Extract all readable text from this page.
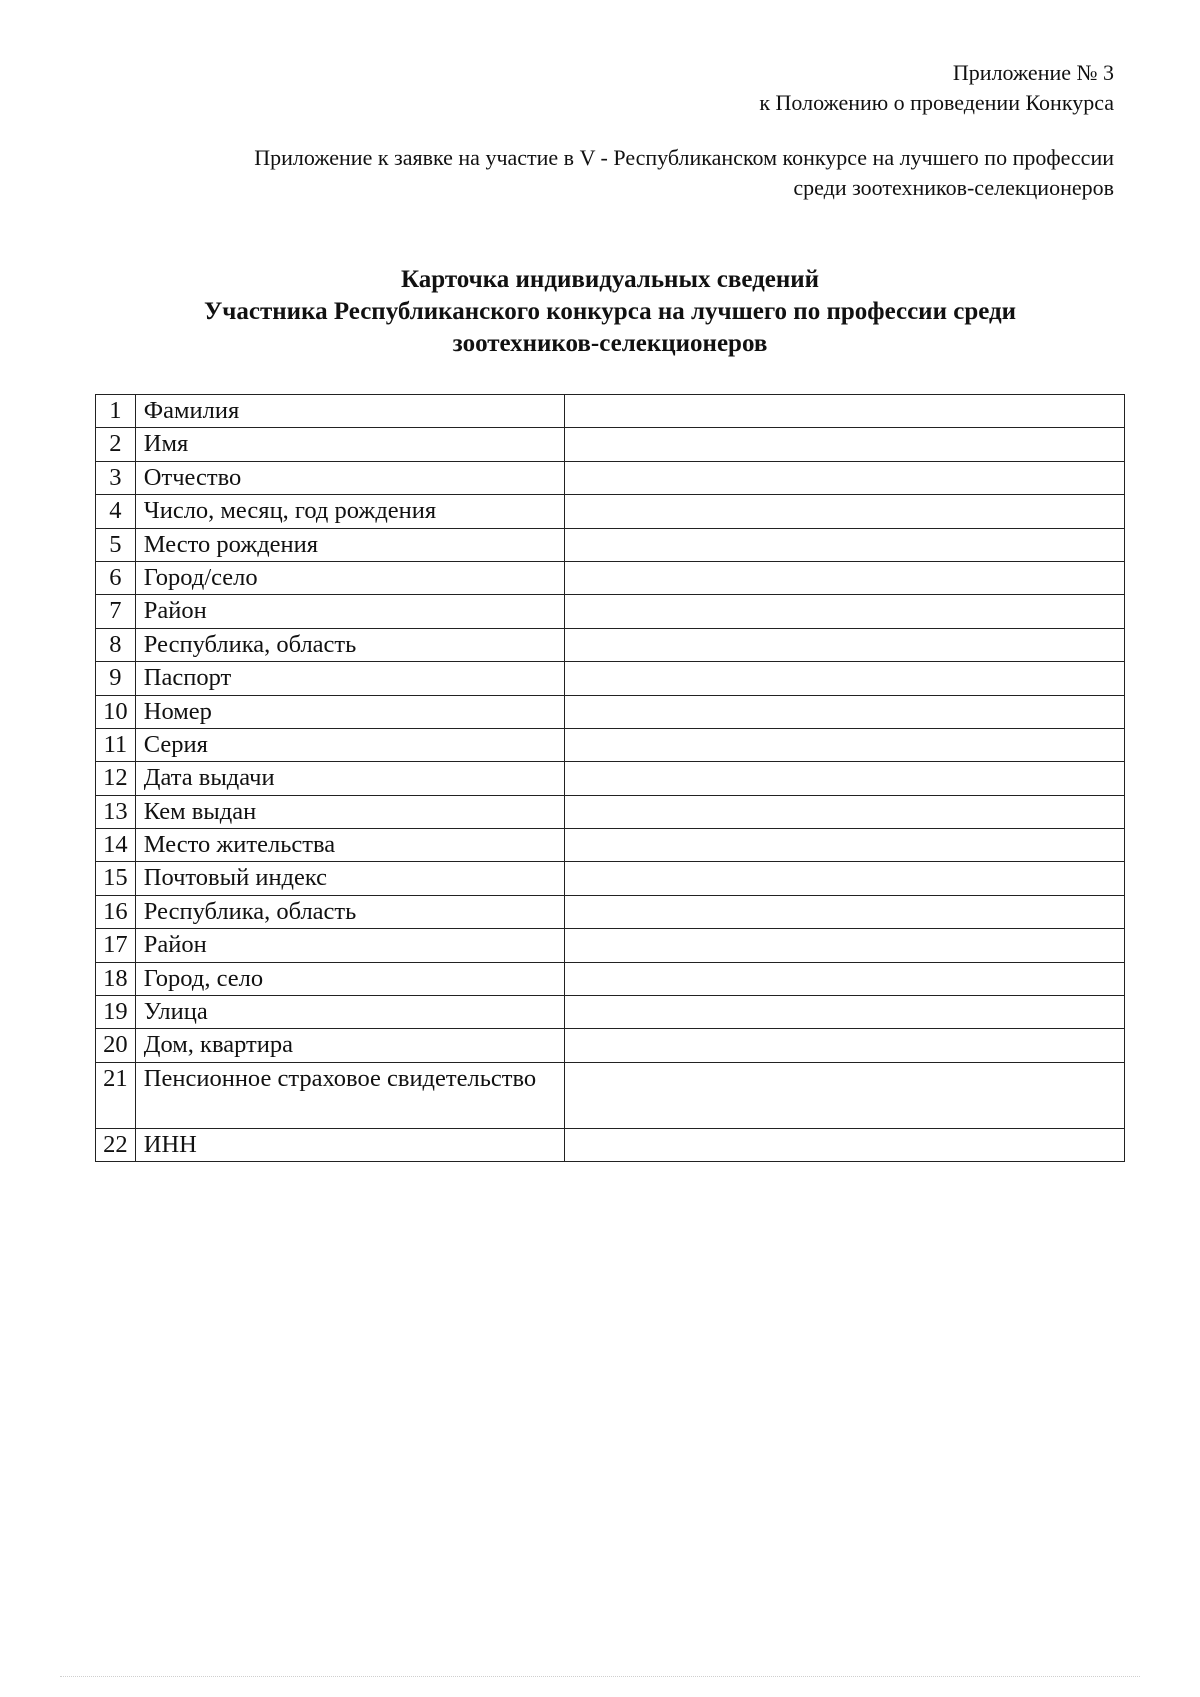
Приложение № 3
к Положению о проведении Конкурса
Приложение к заявке на участие в V - Республиканском конкурсе на лучшего по профессии
среди зоотехников-селекционеров
Карточка индивидуальных сведений
Участника Республиканского конкурса на лучшего по профессии среди
зоотехников-селекционеров
1	Фамилия	
2	Имя	
3	Отчество	
4	Число, месяц, год рождения	
5	Место рождения	
6	Город/село	
7	Район	
8	Республика, область	
9	Паспорт	
10	Номер	
11	Серия	
12	Дата выдачи	
13	Кем выдан	
14	Место жительства	
15	Почтовый индекс	
16	Республика, область	
17	Район	
18	Город, село	
19	Улица	
20	Дом, квартира	
21	Пенсионное страховое свидетельство	
22	ИНН	
